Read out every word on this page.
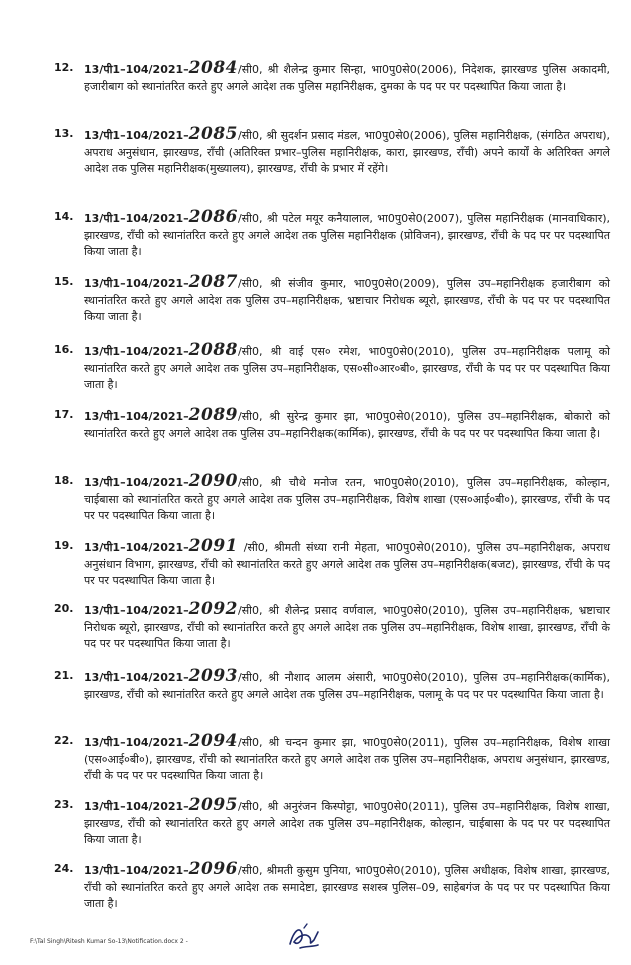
12. 13/पी1–104/2021–2084/सी0, श्री शैलेन्द्र कुमार सिन्हा, भा0पु0से0(2006), निदेशक, झारखण्ड पुलिस अकादमी, हजारीबाग को स्थानांतरित करते हुए अगले आदेश तक पुलिस महानिरीक्षक, दुमका के पद पर पर पदस्थापित किया जाता है।
13. 13/पी1–104/2021–2085/सी0, श्री सुदर्शन प्रसाद मंडल, भा0पु0से0(2006), पुलिस महानिरीक्षक, (संगठित अपराध), अपराध अनुसंधान, झारखण्ड, राँची (अतिरिक्त प्रभार–पुलिस महानिरीक्षक, कारा, झारखण्ड, राँची) अपने कार्यों के अतिरिक्त अगले आदेश तक पुलिस महानिरीक्षक(मुख्यालय), झारखण्ड, राँची के प्रभार में रहेंगे।
14. 13/पी1–104/2021–2086/सी0, श्री पटेल मयूर कनैयालाल, भा0पु0से0(2007), पुलिस महानिरीक्षक (मानवाधिकार), झारखण्ड, राँची को स्थानांतरित करते हुए अगले आदेश तक पुलिस महानिरीक्षक (प्रोविजन), झारखण्ड, राँची के पद पर पर पदस्थापित किया जाता है।
15. 13/पी1–104/2021–2087/सी0, श्री संजीव कुमार, भा0पु0से0(2009), पुलिस उप–महानिरीक्षक हजारीबाग को स्थानांतरित करते हुए अगले आदेश तक पुलिस उप–महानिरीक्षक, भ्रष्टाचार निरोधक ब्यूरो, झारखण्ड, राँची के पद पर पर पदस्थापित किया जाता है।
16. 13/पी1–104/2021–2088/सी0, श्री वाई एस० रमेश, भा0पु0से0(2010), पुलिस उप–महानिरीक्षक पलामू को स्थानांतरित करते हुए अगले आदेश तक पुलिस उप–महानिरीक्षक, एस०सी०आर०बी०, झारखण्ड, राँची के पद पर पर पदस्थापित किया जाता है।
17. 13/पी1–104/2021–2089/सी0, श्री सुरेन्द्र कुमार झा, भा0पु0से0(2010), पुलिस उप–महानिरीक्षक, बोकारो को स्थानांतरित करते हुए अगले आदेश तक पुलिस उप–महानिरीक्षक(कार्मिक), झारखण्ड, राँची के पद पर पर पदस्थापित किया जाता है।
18. 13/पी1–104/2021–2090/सी0, श्री चौथे मनोज रतन, भा0पु0से0(2010), पुलिस उप–महानिरीक्षक, कोल्हान, चाईबासा को स्थानांतरित करते हुए अगले आदेश तक पुलिस उप–महानिरीक्षक, विशेष शाखा (एस०आई०बी०), झारखण्ड, राँची के पद पर पर पदस्थापित किया जाता है।
19. 13/पी1–104/2021–2091 /सी0, श्रीमती संध्या रानी मेहता, भा0पु0से0(2010), पुलिस उप–महानिरीक्षक, अपराध अनुसंधान विभाग, झारखण्ड, राँची को स्थानांतरित करते हुए अगले आदेश तक पुलिस उप–महानिरीक्षक(बजट), झारखण्ड, राँची के पद पर पर पदस्थापित किया जाता है।
20. 13/पी1–104/2021–2092/सी0, श्री शैलेन्द्र प्रसाद वर्णवाल, भा0पु0से0(2010), पुलिस उप–महानिरीक्षक, भ्रष्टाचार निरोधक ब्यूरो, झारखण्ड, राँची को स्थानांतरित करते हुए अगले आदेश तक पुलिस उप–महानिरीक्षक, विशेष शाखा, झारखण्ड, राँची के पद पर पर पदस्थापित किया जाता है।
21. 13/पी1–104/2021–2093/सी0, श्री नौशाद आलम अंसारी, भा0पु0से0(2010), पुलिस उप–महानिरीक्षक(कार्मिक), झारखण्ड, राँची को स्थानांतरित करते हुए अगले आदेश तक पुलिस उप–महानिरीक्षक, पलामू के पद पर पर पदस्थापित किया जाता है।
22. 13/पी1–104/2021–2094/सी0, श्री चन्दन कुमार झा, भा0पु0से0(2011), पुलिस उप–महानिरीक्षक, विशेष शाखा (एस०आई०बी०), झारखण्ड, राँची को स्थानांतरित करते हुए अगले आदेश तक पुलिस उप–महानिरीक्षक, अपराध अनुसंधान, झारखण्ड, राँची के पद पर पर पदस्थापित किया जाता है।
23. 13/पी1–104/2021–2095/सी0, श्री अनुरंजन किस्पोट्टा, भा0पु0से0(2011), पुलिस उप–महानिरीक्षक, विशेष शाखा, झारखण्ड, राँची को स्थानांतरित करते हुए अगले आदेश तक पुलिस उप–महानिरीक्षक, कोल्हान, चाईबासा के पद पर पर पदस्थापित किया जाता है।
24. 13/पी1–104/2021–2096/सी0, श्रीमती कुसुम पुनिया, भा0पु0से0(2010), पुलिस अधीक्षक, विशेष शाखा, झारखण्ड, राँची को स्थानांतरित करते हुए अगले आदेश तक समादेष्टा, झारखण्ड सशस्त्र पुलिस–09, साहेबगंज के पद पर पर पदस्थापित किया जाता है।
F:\Tal Singh\Ritesh Kumar So-13\Notification.docx 2 -
